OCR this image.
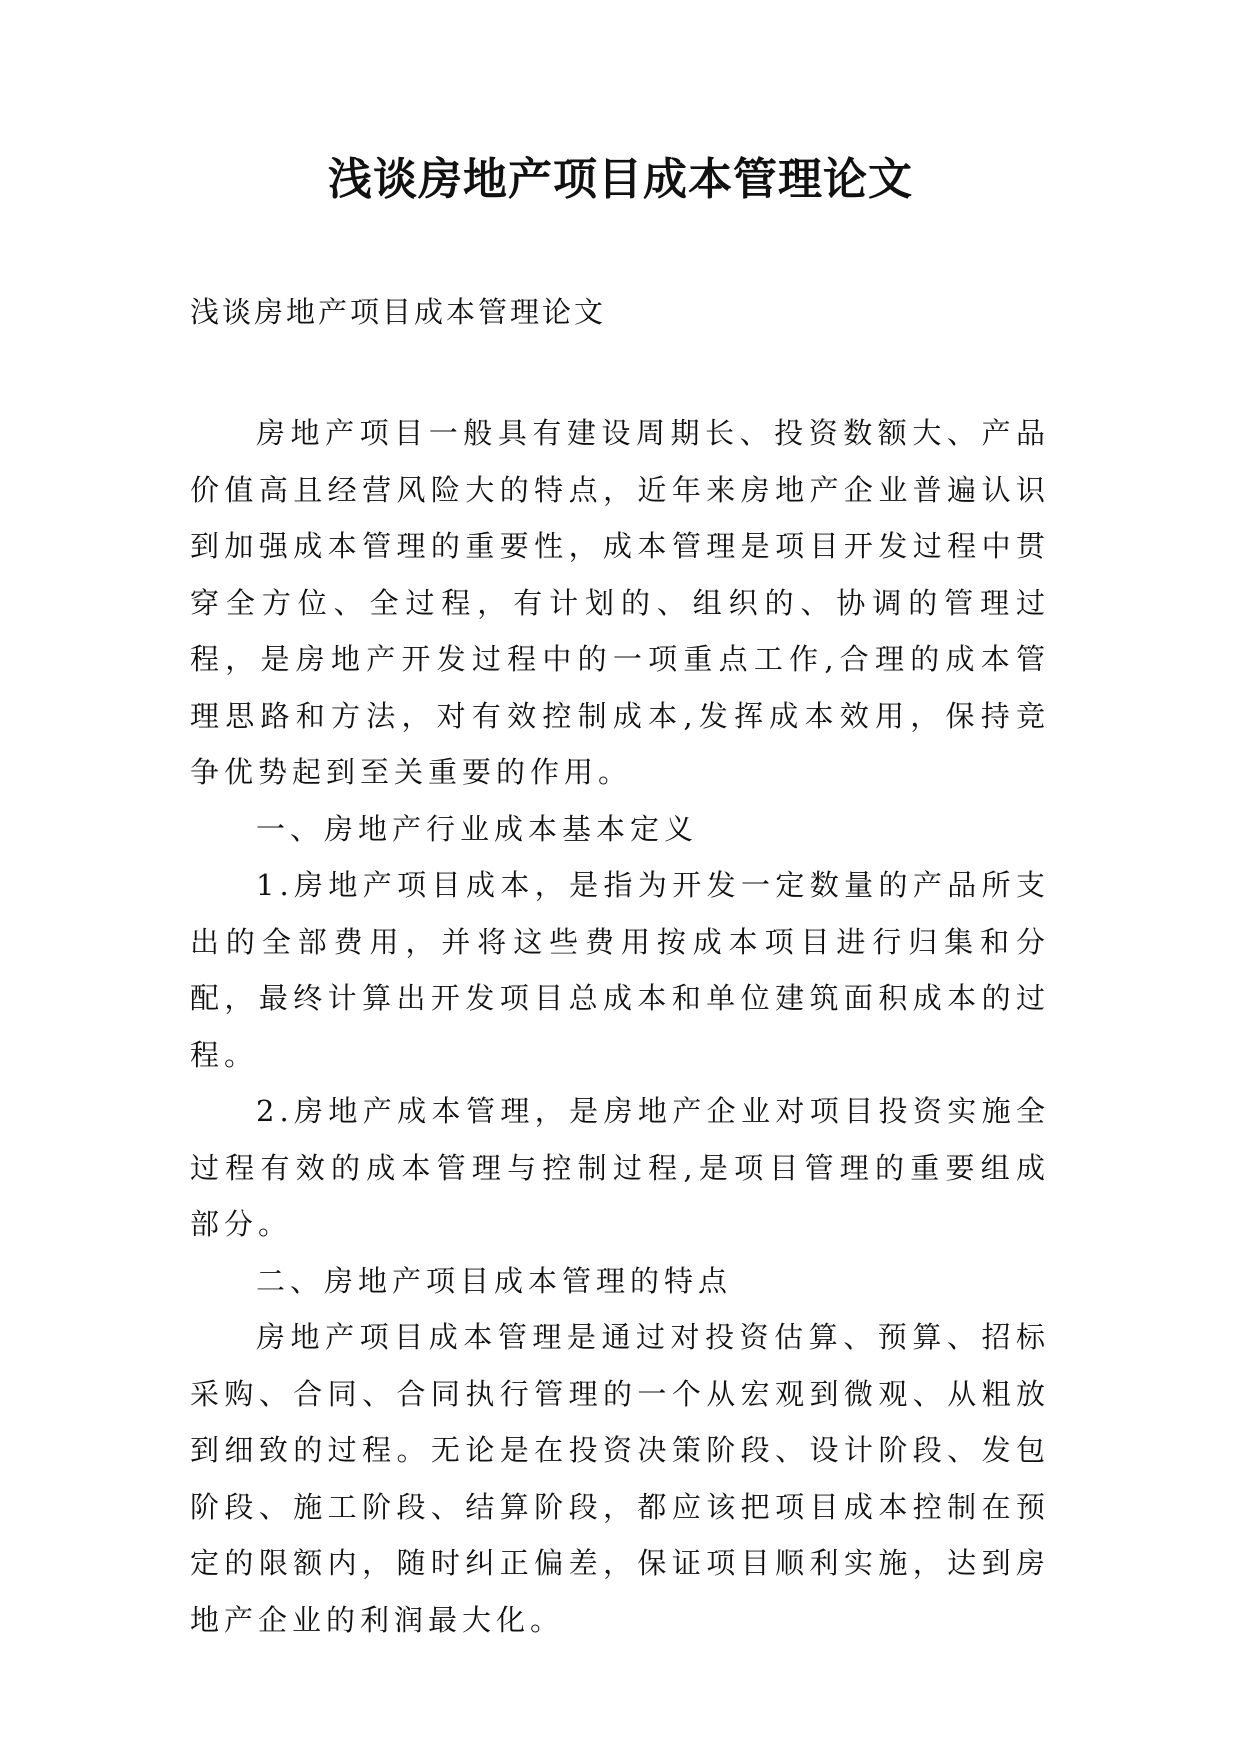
浅谈房地产项目成本管理论文
浅谈房地产项目成本管理论文

房地产项目一般具有建设周期长、投资数额大、产品价值高且经营风险大的特点，近年来房地产企业普遍认识到加强成本管理的重要性，成本管理是项目开发过程中贯穿全方位、全过程，有计划的、组织的、协调的管理过程，是房地产开发过程中的一项重点工作,合理的成本管理思路和方法，对有效控制成本,发挥成本效用，保持竞争优势起到至关重要的作用。

一、房地产行业成本基本定义

1.房地产项目成本，是指为开发一定数量的产品所支出的全部费用，并将这些费用按成本项目进行归集和分配，最终计算出开发项目总成本和单位建筑面积成本的过程。

2.房地产成本管理，是房地产企业对项目投资实施全过程有效的成本管理与控制过程,是项目管理的重要组成部分。

二、房地产项目成本管理的特点

房地产项目成本管理是通过对投资估算、预算、招标采购、合同、合同执行管理的一个从宏观到微观、从粗放到细致的过程。无论是在投资决策阶段、设计阶段、发包阶段、施工阶段、结算阶段，都应该把项目成本控制在预定的限额内，随时纠正偏差，保证项目顺利实施，达到房地产企业的利润最大化。
